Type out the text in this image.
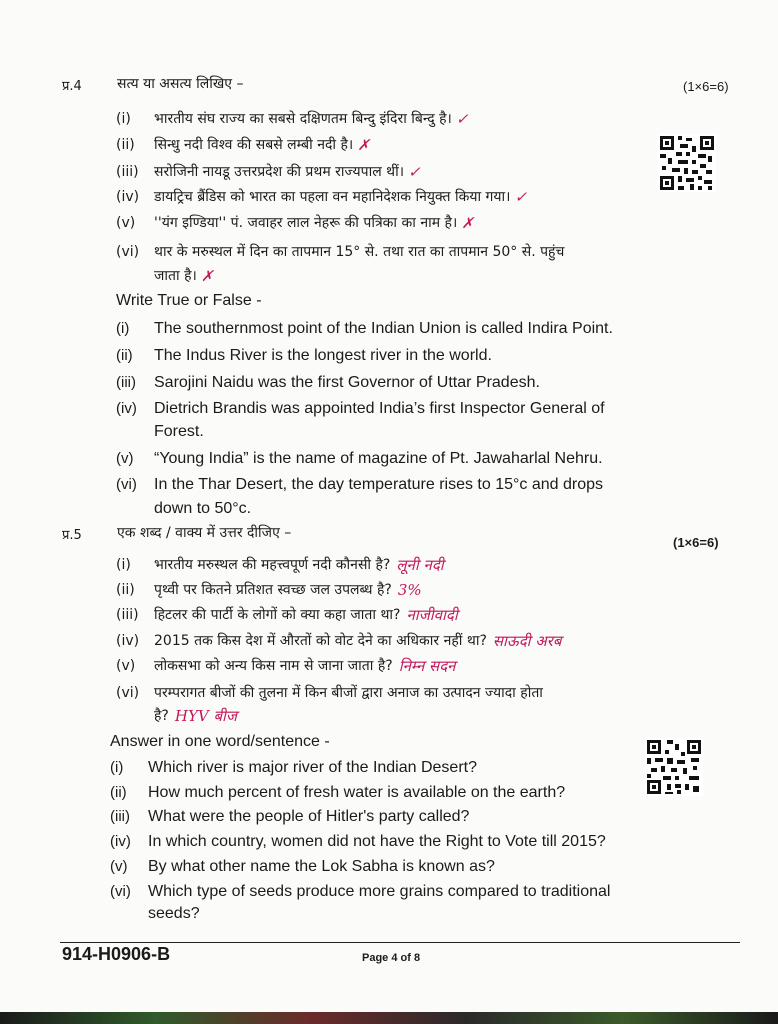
प्र.4	सत्य या असत्य लिखिए –	(1×6=6)
(i)	भारतीय संघ राज्य का सबसे दक्षिणतम बिन्दु इंदिरा बिन्दु है। ✓
(ii)	सिन्धु नदी विश्व की सबसे लम्बी नदी है। ✗
(iii)	सरोजिनी नायडू उत्तरप्रदेश की प्रथम राज्यपाल थीं। ✓
(iv)	डायट्रिच ब्रैंडिस को भारत का पहला वन महानिदेशक नियुक्त किया गया। ✓
(v)	''यंग इण्डिया'' पं. जवाहर लाल नेहरू की पत्रिका का नाम है। ✗
(vi)	थार के मरुस्थल में दिन का तापमान 15° से. तथा रात का तापमान 50° से. पहुंच
जाता है। ✗
Write True or False -
(i)	The southernmost point of the Indian Union is called Indira Point.
(ii)	The Indus River is the longest river in the world.
(iii)	Sarojini Naidu was the first Governor of Uttar Pradesh.
(iv)	Dietrich Brandis was appointed India’s first Inspector General of
Forest.
(v)	“Young India” is the name of magazine of Pt. Jawaharlal Nehru.
(vi)	In the Thar Desert, the day temperature rises to 15°c and drops
down to 50°c.
प्र.5	एक शब्द / वाक्य में उत्तर दीजिए –
(1×6=6)
(i)	भारतीय मरुस्थल की महत्त्वपूर्ण नदी कौनसी है? लूनी नदी
(ii)	पृथ्वी पर कितने प्रतिशत स्वच्छ जल उपलब्ध है? 3%
(iii)	हिटलर की पार्टी के लोगों को क्या कहा जाता था? नाजीवादी
(iv)	2015 तक किस देश में औरतों को वोट देने का अधिकार नहीं था? साऊदी अरब
(v)	लोकसभा को अन्य किस नाम से जाना जाता है? निम्न सदन
(vi)	परम्परागत बीजों की तुलना में किन बीजों द्वारा अनाज का उत्पादन ज्यादा होता
है? HYV बीज
Answer in one word/sentence -
(i)	Which river is major river of the Indian Desert?
(ii)	How much percent of fresh water is available on the earth?
(iii)	What were the people of Hitler's party called?
(iv)	In which country, women did not have the Right to Vote till 2015?
(v)	By what other name the Lok Sabha is known as?
(vi)	Which type of seeds produce more grains compared to traditional
seeds?
914-H0906-B	Page 4 of 8
